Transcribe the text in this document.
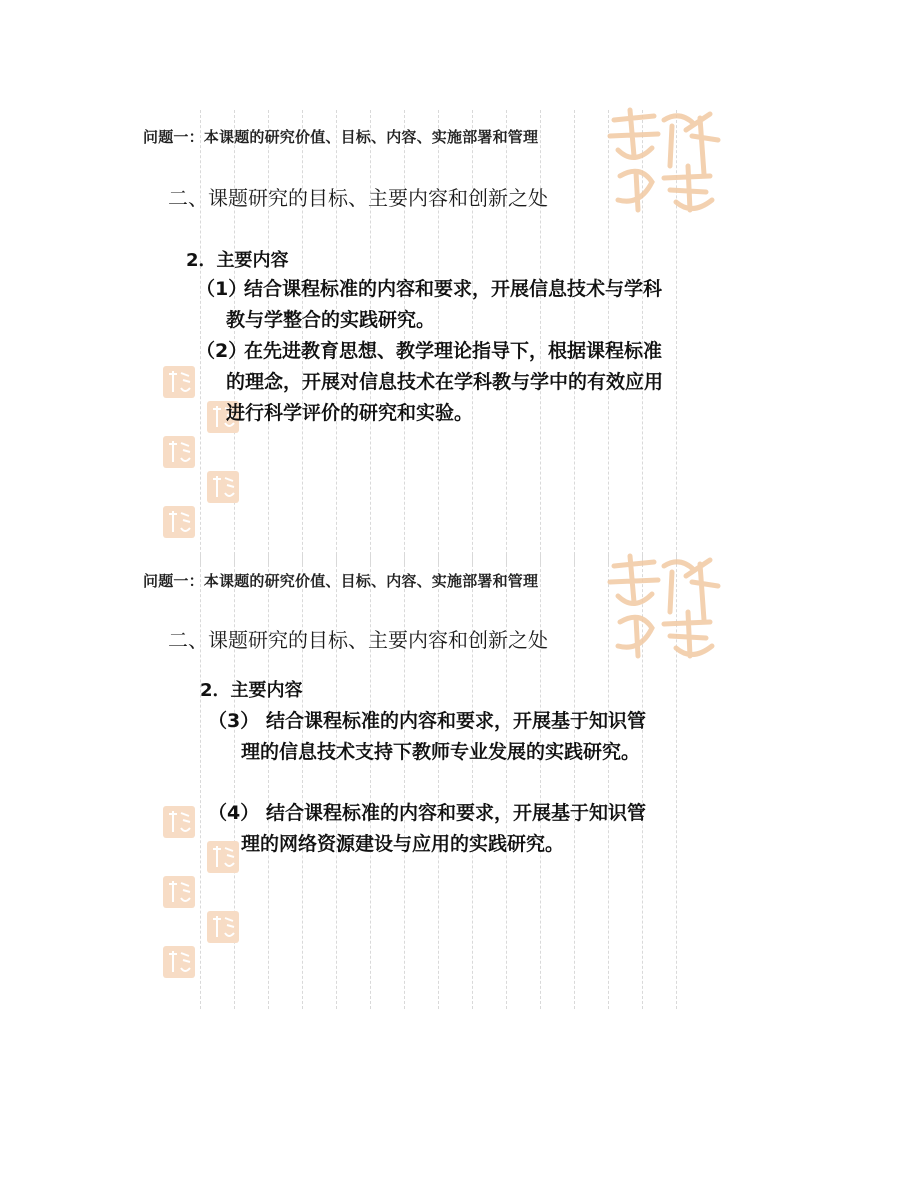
问题一：本课题的研究价值、目标、内容、实施部署和管理
二、课题研究的目标、主要内容和创新之处
2．主要内容
（1）

结合课程标准的内容和要求，开展信息技术与学科教与学整合的实践研究。

（2）

在先进教育思想、教学理论指导下，根据课程标准的理念，开展对信息技术在学科教与学中的有效应用进行科学评价的研究和实验。

问题一：本课题的研究价值、目标、内容、实施部署和管理
二、课题研究的目标、主要内容和创新之处
2．主要内容
（3） 结合课程标准的内容和要求，开展基于知识管理的信息技术支持下教师专业发展的实践研究。

（4） 结合课程标准的内容和要求，开展基于知识管理的网络资源建设与应用的实践研究。
